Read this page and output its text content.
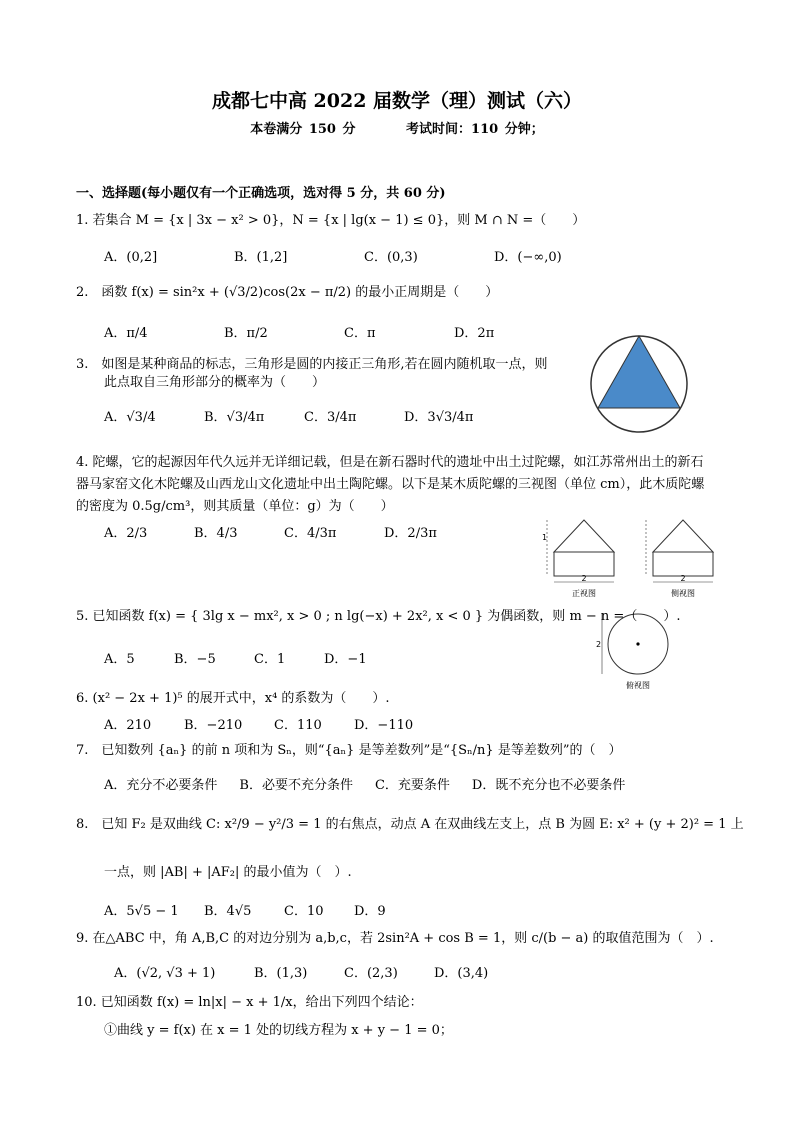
成都七中高 2022 届数学（理）测试（六）
本卷满分 150 分	考试时间：110 分钟；
一、选择题(每小题仅有一个正确选项，选对得 5 分，共 60 分)
1. 若集合 M = {x | 3x − x² > 0}，N = {x | lg(x − 1) ≤ 0}，则 M ∩ N =（　　）
A．(0,2]	B．(1,2]	C．(0,3)	D．(−∞,0)
2.　函数 f(x) = sin²x + (√3/2)cos(2x − π/2) 的最小正周期是（　　）
A．π/4	B．π/2	C．π	D．2π
3.　如图是某种商品的标志，三角形是圆的内接正三角形,若在圆内随机取一点，则
此点取自三角形部分的概率为（　　）
A．√3/4	B．√3/4π	C．3/4π	D．3√3/4π
4. 陀螺，它的起源因年代久远并无详细记载，但是在新石器时代的遗址中出土过陀螺，如江苏常州出土的新石器马家窑文化木陀螺及山西龙山文化遗址中出土陶陀螺。以下是某木质陀螺的三视图（单位 cm），此木质陀螺的密度为 0.5g/cm³，则其质量（单位：g）为（　　）
A．2/3	B．4/3	C．4/3π	D．2/3π
2
1
正视图
2
侧视图
2
俯视图
5. 已知函数 f(x) = { 3lg x − mx², x > 0 ; n lg(−x) + 2x², x < 0 } 为偶函数，则 m − n =（　　）.
A．5	B．−5	C．1	D．−1
6. (x² − 2x + 1)⁵ 的展开式中，x⁴ 的系数为（　　）.
A．210	B．−210 C．110 D．−110
7.　已知数列 {aₙ} 的前 n 项和为 Sₙ，则“{aₙ} 是等差数列”是“{Sₙ/n} 是等差数列”的（　）
A．充分不必要条件 B．必要不充分条件 C．充要条件 D．既不充分也不必要条件
8.　已知 F₂ 是双曲线 C: x²/9 − y²/3 = 1 的右焦点，动点 A 在双曲线左支上，点 B 为圆 E: x² + (y + 2)² = 1 上
一点，则 |AB| + |AF₂| 的最小值为（　）.
A．5√5 − 1 B．4√5	C．10 D．9
9. 在△ABC 中，角 A,B,C 的对边分别为 a,b,c，若 2sin²A + cos B = 1，则 c/(b − a) 的取值范围为（　）.
A．(√2, √3 + 1)	B．(1,3)	C．(2,3)	D．(3,4)
10. 已知函数 f(x) = ln|x| − x + 1/x，给出下列四个结论：
①曲线 y = f(x) 在 x = 1 处的切线方程为 x + y − 1 = 0；
